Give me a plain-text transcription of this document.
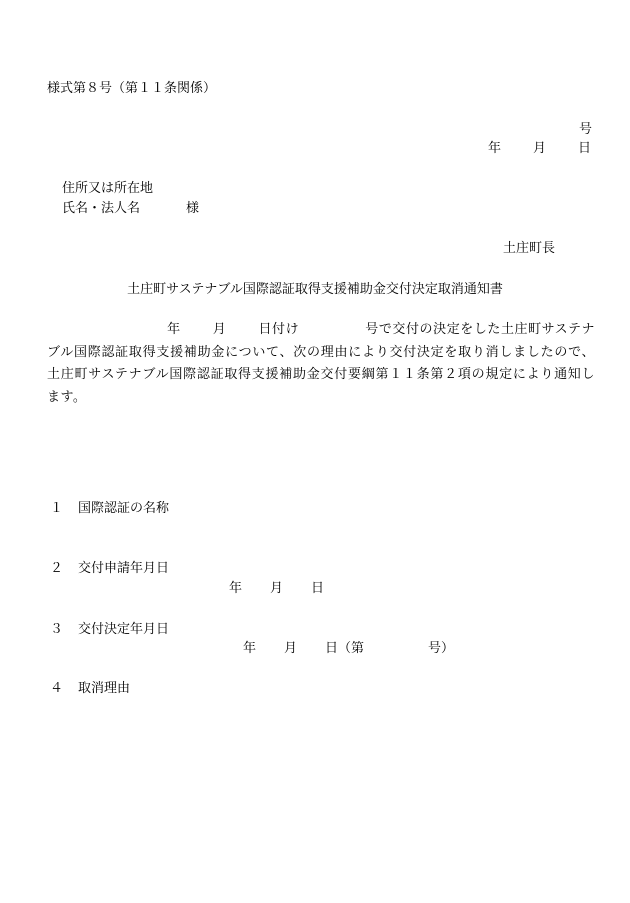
様式第８号（第１１条関係）
号
年 月 日
住所又は所在地
氏名・法人名	様
土庄町長
土庄町サステナブル国際認証取得支援補助金交付決定取消通知書
年 月 日付け	号で交付の決定をした土庄町サステナブル国際認証取得支援補助金について、次の理由により交付決定を取り消しましたので、土庄町サステナブル国際認証取得支援補助金交付要綱第１１条第２項の規定により通知します。
１ 国際認証の名称
２ 交付申請年月日
年 月 日
３ 交付決定年月日
年 月 日（第	号）
４ 取消理由
